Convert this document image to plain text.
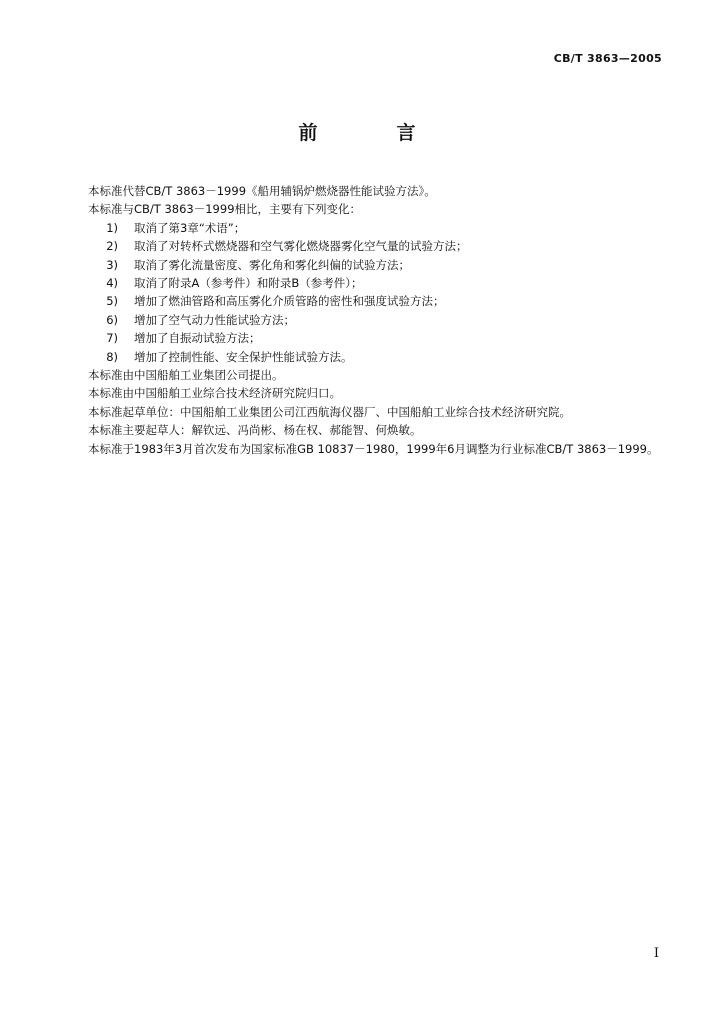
CB/T 3863—2005
前　言

本标准代替CB/T 3863－1999《船用辅锅炉燃烧器性能试验方法》。

本标准与CB/T 3863－1999相比，主要有下列变化：

1) 取消了第3章“术语”；
2) 取消了对转杯式燃烧器和空气雾化燃烧器雾化空气量的试验方法；
3) 取消了雾化流量密度、雾化角和雾化纠偏的试验方法；
4) 取消了附录A（参考件）和附录B（参考件）；
5) 增加了燃油管路和高压雾化介质管路的密性和强度试验方法；
6) 增加了空气动力性能试验方法；
7) 增加了自振动试验方法；
8) 增加了控制性能、安全保护性能试验方法。

本标准由中国船舶工业集团公司提出。

本标准由中国船舶工业综合技术经济研究院归口。

本标准起草单位：中国船舶工业集团公司江西航海仪器厂、中国船舶工业综合技术经济研究院。

本标准主要起草人：解钦远、冯尚彬、杨在权、郝能智、何焕敏。

本标准于1983年3月首次发布为国家标准GB 10837－1980，1999年6月调整为行业标准CB/T 3863－1999。

I
